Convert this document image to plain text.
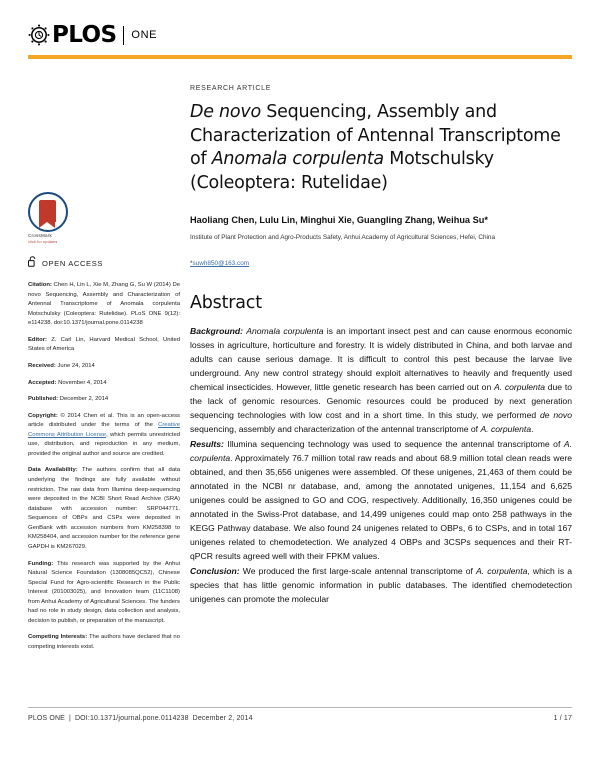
PLOS ONE
CrossMark
click for updates
OPEN ACCESS
Citation: Chen H, Lin L, Xie M, Zhang G, Su W (2014) De novo Sequencing, Assembly and Characterization of Antennal Transcriptome of Anomala corpulenta Motschulsky (Coleoptera: Rutelidae). PLoS ONE 9(12): e114238. doi:10.1371/journal.pone.0114238
Editor: Z. Carl Lin, Harvard Medical School, United States of America
Received: June 24, 2014
Accepted: November 4, 2014
Published: December 2, 2014
Copyright: © 2014 Chen et al. This is an open-access article distributed under the terms of the Creative Commons Attribution License, which permits unrestricted use, distribution, and reproduction in any medium, provided the original author and source are credited.
Data Availability: The authors confirm that all data underlying the findings are fully available without restriction. The raw data from Illumina deep-sequencing were deposited in the NCBI Short Read Archive (SRA) database with accession number: SRP044771. Sequences of OBPs and CSPs were deposited in GenBank with accession numbers from KM258398 to KM258404, and accession number for the reference gene GAPDH is KM267029.
Funding: This research was supported by the Anhui Natural Science Foundation (1308085QC52), Chinese Special Fund for Agro-scientific Research in the Public Interest (201003025), and Innovation team (11C1108) from Anhui Academy of Agricultural Sciences. The funders had no role in study design, data collection and analysis, decision to publish, or preparation of the manuscript.
Competing Interests: The authors have declared that no competing interests exist.
RESEARCH ARTICLE
De novo Sequencing, Assembly and Characterization of Antennal Transcriptome of Anomala corpulenta Motschulsky (Coleoptera: Rutelidae)
Haoliang Chen, Lulu Lin, Minghui Xie, Guangling Zhang, Weihua Su*
Institute of Plant Protection and Agro-Products Safety, Anhui Academy of Agricultural Sciences, Hefei, China
*suwh850@163.com
Abstract

Background: Anomala corpulenta is an important insect pest and can cause enormous economic losses in agriculture, horticulture and forestry. It is widely distributed in China, and both larvae and adults can cause serious damage. It is difficult to control this pest because the larvae live underground. Any new control strategy should exploit alternatives to heavily and frequently used chemical insecticides. However, little genetic research has been carried out on A. corpulenta due to the lack of genomic resources. Genomic resources could be produced by next generation sequencing technologies with low cost and in a short time. In this study, we performed de novo sequencing, assembly and characterization of the antennal transcriptome of A. corpulenta.

Results: Illumina sequencing technology was used to sequence the antennal transcriptome of A. corpulenta. Approximately 76.7 million total raw reads and about 68.9 million total clean reads were obtained, and then 35,656 unigenes were assembled. Of these unigenes, 21,463 of them could be annotated in the NCBI nr database, and, among the annotated unigenes, 11,154 and 6,625 unigenes could be assigned to GO and COG, respectively. Additionally, 16,350 unigenes could be annotated in the Swiss-Prot database, and 14,499 unigenes could map onto 258 pathways in the KEGG Pathway database. We also found 24 unigenes related to OBPs, 6 to CSPs, and in total 167 unigenes related to chemodetection. We analyzed 4 OBPs and 3CSPs sequences and their RT-qPCR results agreed well with their FPKM values.

Conclusion: We produced the first large-scale antennal transcriptome of A. corpulenta, which is a species that has little genomic information in public databases. The identified chemodetection unigenes can promote the molecular

PLOS ONE | DOI:10.1371/journal.pone.0114238 December 2, 2014	1 / 17
